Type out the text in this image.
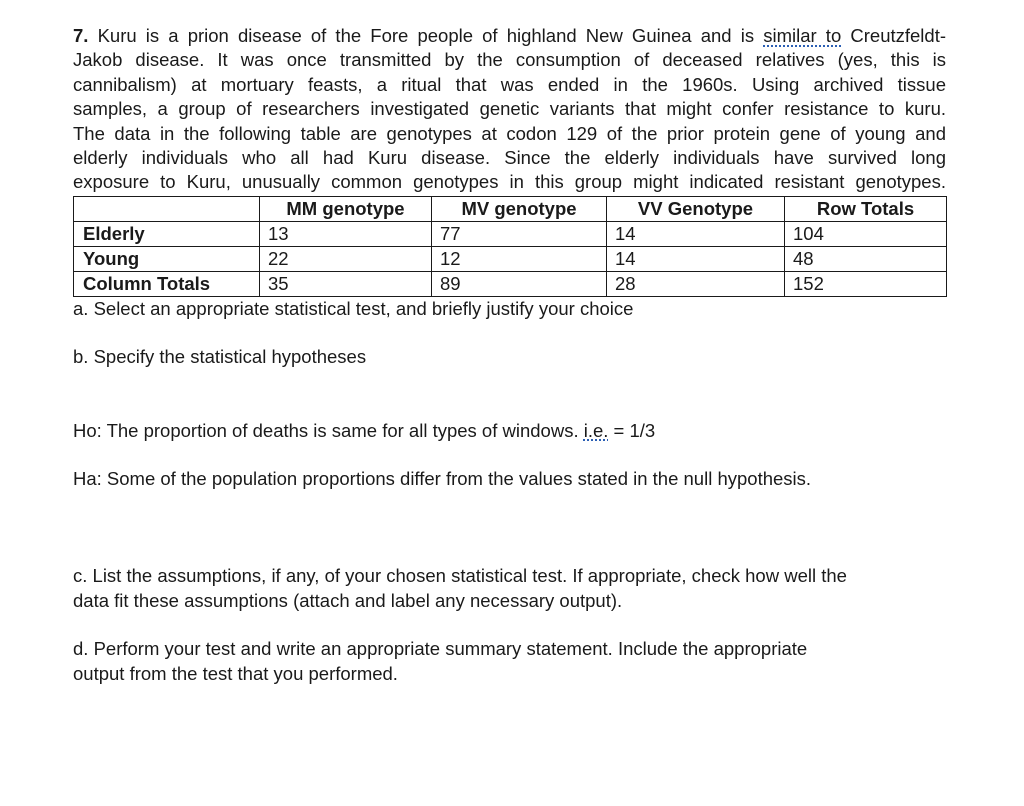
7. Kuru is a prion disease of the Fore people of highland New Guinea and is similar to Creutzfeldt-

Jakob disease. It was once transmitted by the consumption of deceased relatives (yes, this is

cannibalism) at mortuary feasts, a ritual that was ended in the 1960s. Using archived tissue

samples, a group of researchers investigated genetic variants that might confer resistance to kuru.

The data in the following table are genotypes at codon 129 of the prior protein gene of young and

elderly individuals who all had Kuru disease. Since the elderly individuals have survived long

exposure to Kuru, unusually common genotypes in this group might indicated resistant genotypes.

	MM genotype	MV genotype	VV Genotype	Row Totals
Elderly	13	77	14	104
Young	22	12	14	48
Column Totals	35	89	28	152

a. Select an appropriate statistical test, and briefly justify your choice

b. Specify the statistical hypotheses

Ho: The proportion of deaths is same for all types of windows. i.e. = 1/3

Ha: Some of the population proportions differ from the values stated in the null hypothesis.

c. List the assumptions, if any, of your chosen statistical test. If appropriate, check how well the

data fit these assumptions (attach and label any necessary output).

d. Perform your test and write an appropriate summary statement. Include the appropriate

output from the test that you performed.
